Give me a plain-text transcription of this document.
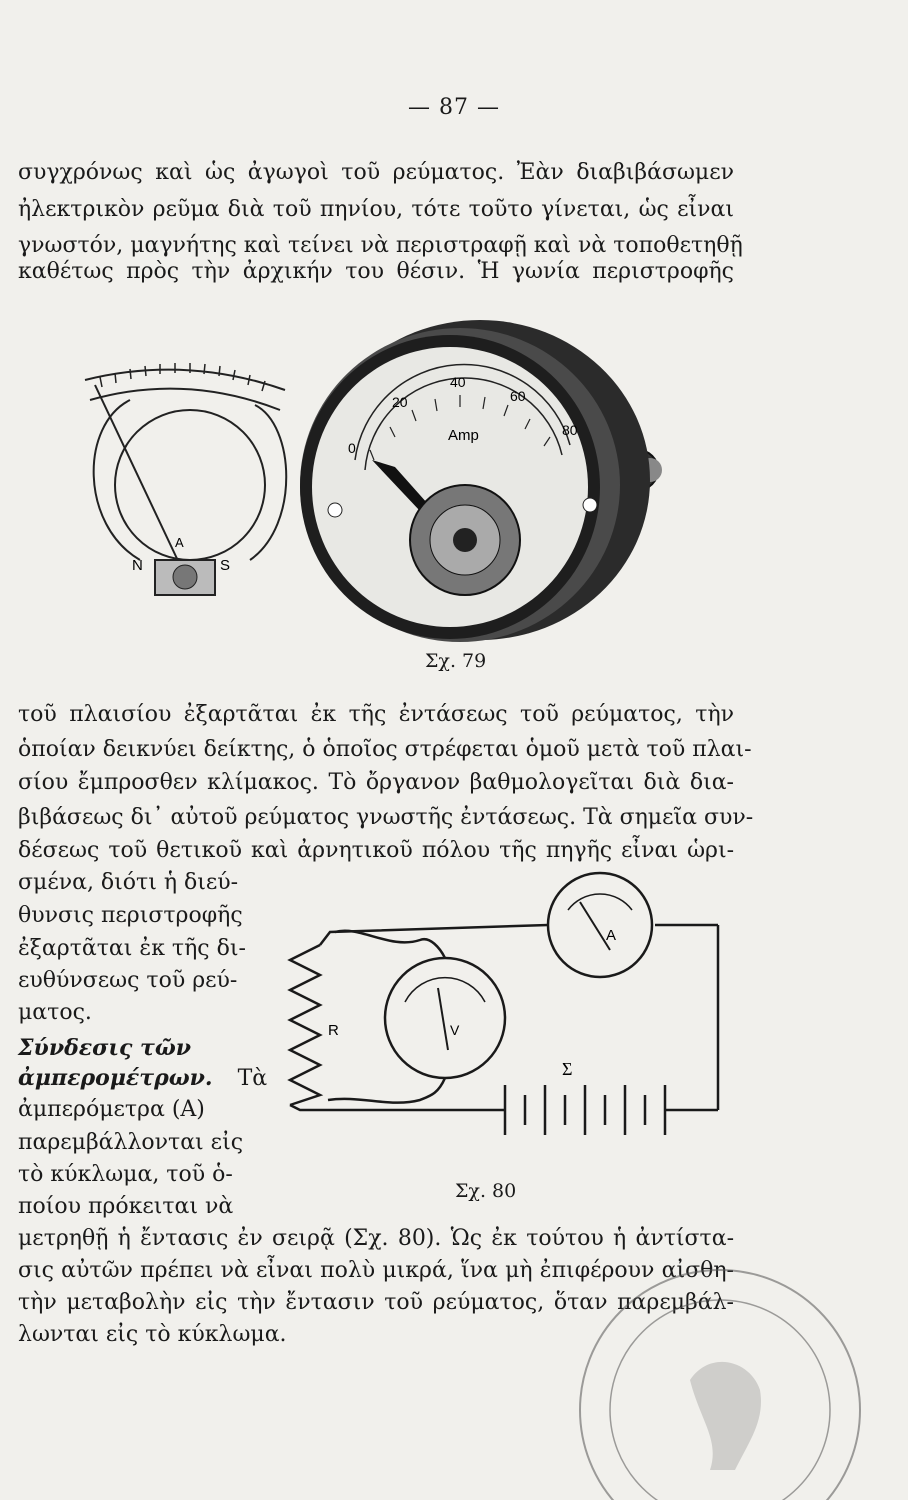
— 87 —
συγχρόνως καὶ ὡς ἀγωγοὶ τοῦ ρεύματος. Ἐὰν διαβιβάσωμεν
ἠλεκτρικὸν ρεῦμα διὰ τοῦ πηνίου, τότε τοῦτο γίνεται, ὡς εἶναι
γνωστόν, μαγνήτης καὶ τείνει νὰ περιστραφῇ καὶ νὰ τοποθετηθῇ
καθέτως πρὸς τὴν ἀρχικήν του θέσιν. Ἡ γωνία περιστροφῆς
N	S
A
0
20
40
60
80
Amp
Σχ. 79
τοῦ πλαισίου ἐξαρτᾶται ἐκ τῆς ἐντάσεως τοῦ ρεύματος, τὴν
ὁποίαν δεικνύει δείκτης, ὁ ὁποῖος στρέφεται ὁμοῦ μετὰ τοῦ πλαι-
σίου ἔμπροσθεν κλίμακος. Τὸ ὄργανον βαθμολογεῖται διὰ δια-
βιβάσεως δι᾽ αὐτοῦ ρεύματος γνωστῆς ἐντάσεως. Τὰ σημεῖα συν-
δέσεως τοῦ θετικοῦ καὶ ἀρνητικοῦ πόλου τῆς πηγῆς εἶναι ὡρι-
σμένα, διότι ἡ διεύ-
θυνσις περιστροφῆς
ἐξαρτᾶται ἐκ τῆς δι-
ευθύνσεως τοῦ ρεύ-
ματος.
Σύνδεσις τῶν
ἀμπερομέτρων. Τὰ
ἀμπερόμετρα (Α)
παρεμβάλλονται εἰς
τὸ κύκλωμα, τοῦ ὁ-
ποίου πρόκειται νὰ
A
V
R
Σ
Σχ. 80
μετρηθῇ ἡ ἔντασις ἐν σειρᾷ (Σχ. 80). Ὡς ἐκ τούτου ἡ ἀντίστα-
σις αὐτῶν πρέπει νὰ εἶναι πολὺ μικρά, ἵνα μὴ ἐπιφέρουν αἰσθη-
τὴν μεταβολὴν εἰς τὴν ἔντασιν τοῦ ρεύματος, ὅταν παρεμβάλ-
λωνται εἰς τὸ κύκλωμα.
